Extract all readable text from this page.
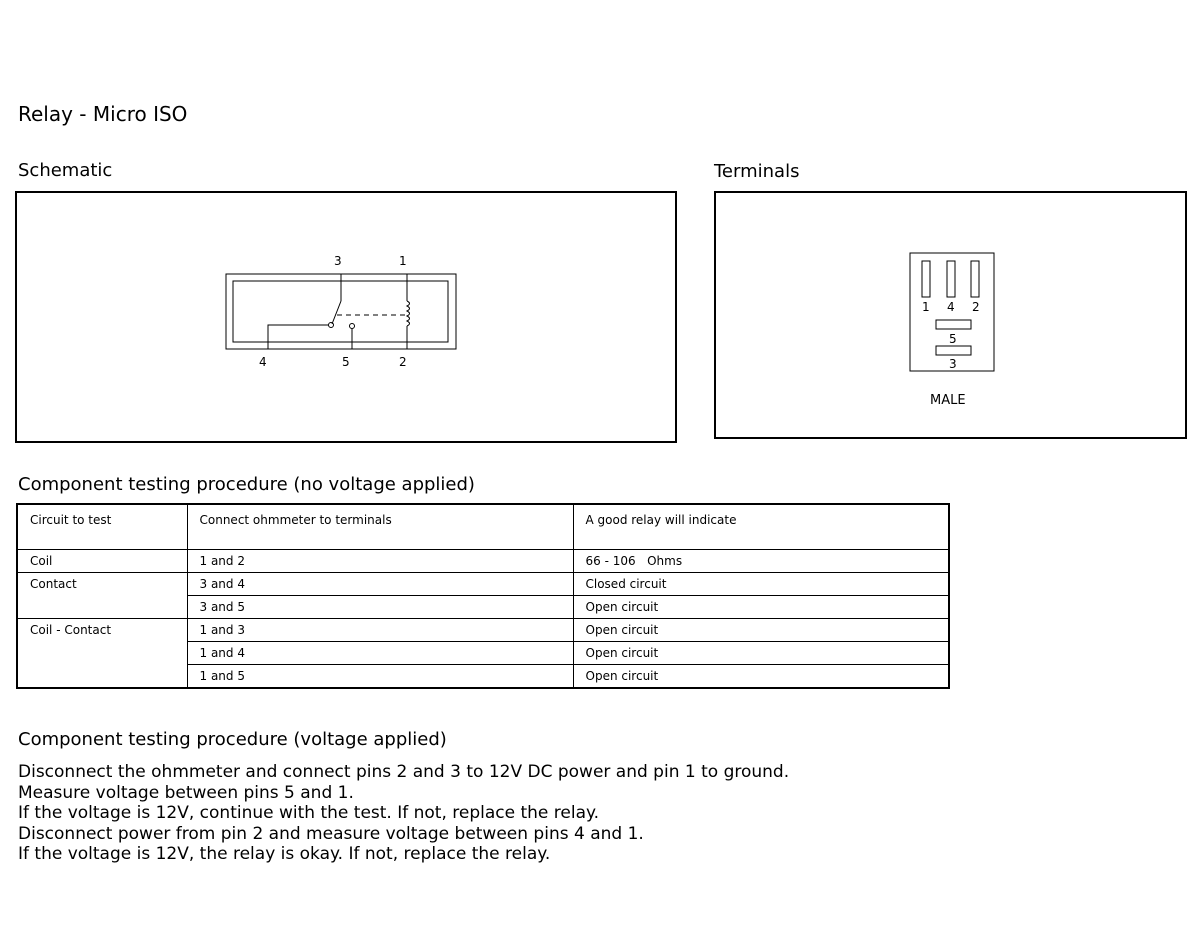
Relay - Micro ISO
Schematic
3	1
4	5	2
Terminals
1 4 2
5
3
MALE
Component testing procedure (no voltage applied)
Circuit to test	Connect ohmmeter to terminals	A good relay will indicate
Coil	1 and 2	66 - 106   Ohms
Contact	3 and 4	Closed circuit
	3 and 5	Open circuit
Coil - Contact	1 and 3	Open circuit
	1 and 4	Open circuit
	1 and 5	Open circuit
Component testing procedure (voltage applied)
Disconnect the ohmmeter and connect pins 2 and 3 to 12V DC power and pin 1 to ground.
Measure voltage between pins 5 and 1.
If the voltage is 12V, continue with the test. If not, replace the relay.
Disconnect power from pin 2 and measure voltage between pins 4 and 1.
If the voltage is 12V, the relay is okay. If not, replace the relay.
